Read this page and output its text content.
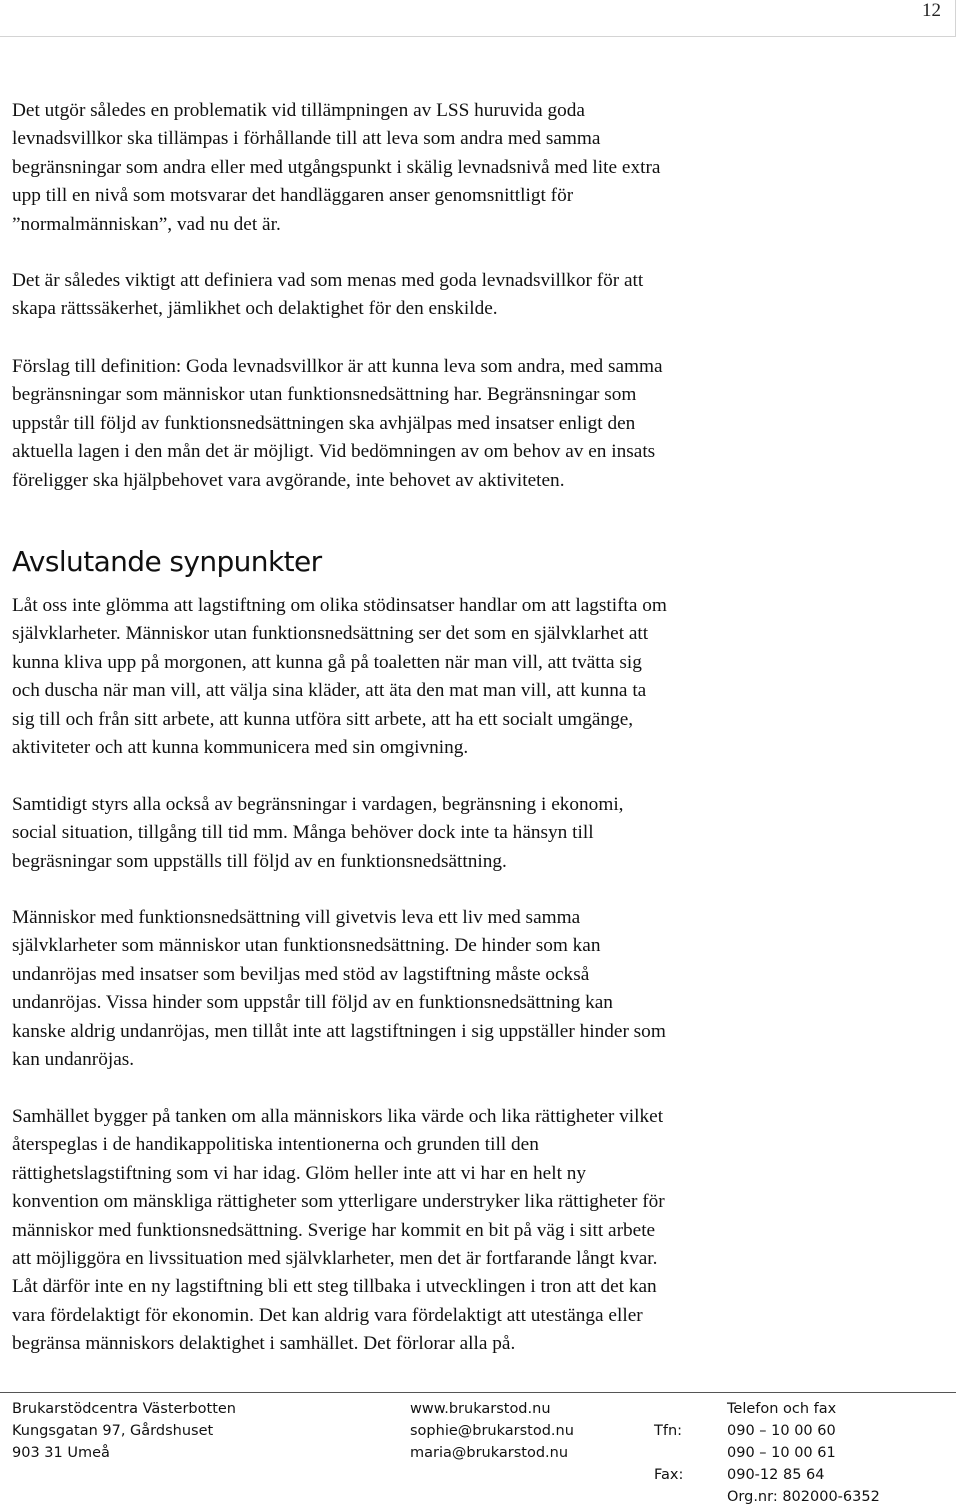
12
Det utgör således en problematik vid tillämpningen av LSS huruvida goda
levnadsvillkor ska tillämpas i förhållande till att leva som andra med samma
begränsningar som andra eller med utgångspunkt i skälig levnadsnivå med lite extra
upp till en nivå som motsvarar det handläggaren anser genomsnittligt för
”normalmänniskan”, vad nu det är.
Det är således viktigt att definiera vad som menas med goda levnadsvillkor för att
skapa rättssäkerhet, jämlikhet och delaktighet för den enskilde.
Förslag till definition: Goda levnadsvillkor är att kunna leva som andra, med samma
begränsningar som människor utan funktionsnedsättning har. Begränsningar som
uppstår till följd av funktionsnedsättningen ska avhjälpas med insatser enligt den
aktuella lagen i den mån det är möjligt. Vid bedömningen av om behov av en insats
föreligger ska hjälpbehovet vara avgörande, inte behovet av aktiviteten.
Avslutande synpunkter
Låt oss inte glömma att lagstiftning om olika stödinsatser handlar om att lagstifta om
självklarheter. Människor utan funktionsnedsättning ser det som en självklarhet att
kunna kliva upp på morgonen, att kunna gå på toaletten när man vill, att tvätta sig
och duscha när man vill, att välja sina kläder, att äta den mat man vill, att kunna ta
sig till och från sitt arbete, att kunna utföra sitt arbete, att ha ett socialt umgänge,
aktiviteter och att kunna kommunicera med sin omgivning.
Samtidigt styrs alla också av begränsningar i vardagen, begränsning i ekonomi,
social situation, tillgång till tid mm. Många behöver dock inte ta hänsyn till
begräsningar som uppställs till följd av en funktionsnedsättning.
Människor med funktionsnedsättning vill givetvis leva ett liv med samma
självklarheter som människor utan funktionsnedsättning. De hinder som kan
undanröjas med insatser som beviljas med stöd av lagstiftning måste också
undanröjas. Vissa hinder som uppstår till följd av en funktionsnedsättning kan
kanske aldrig undanröjas, men tillåt inte att lagstiftningen i sig uppställer hinder som
kan undanröjas.
Samhället bygger på tanken om alla människors lika värde och lika rättigheter vilket
återspeglas i de handikappolitiska intentionerna och grunden till den
rättighetslagstiftning som vi har idag. Glöm heller inte att vi har en helt ny
konvention om mänskliga rättigheter som ytterligare understryker lika rättigheter för
människor med funktionsnedsättning. Sverige har kommit en bit på väg i sitt arbete
att möjliggöra en livssituation med självklarheter, men det är fortfarande långt kvar.
Låt därför inte en ny lagstiftning bli ett steg tillbaka i utvecklingen i tron att det kan
vara fördelaktigt för ekonomin. Det kan aldrig vara fördelaktigt att utestänga eller
begränsa människors delaktighet i samhället. Det förlorar alla på.
Brukarstödcentra Västerbotten
Kungsgatan 97, Gårdshuset
903 31 Umeå
www.brukarstod.nu
sophie@brukarstod.nu
maria@brukarstod.nu
Tfn:
Fax:
Telefon och fax
090 – 10 00 60
090 – 10 00 61
090-12 85 64
Org.nr: 802000-6352
